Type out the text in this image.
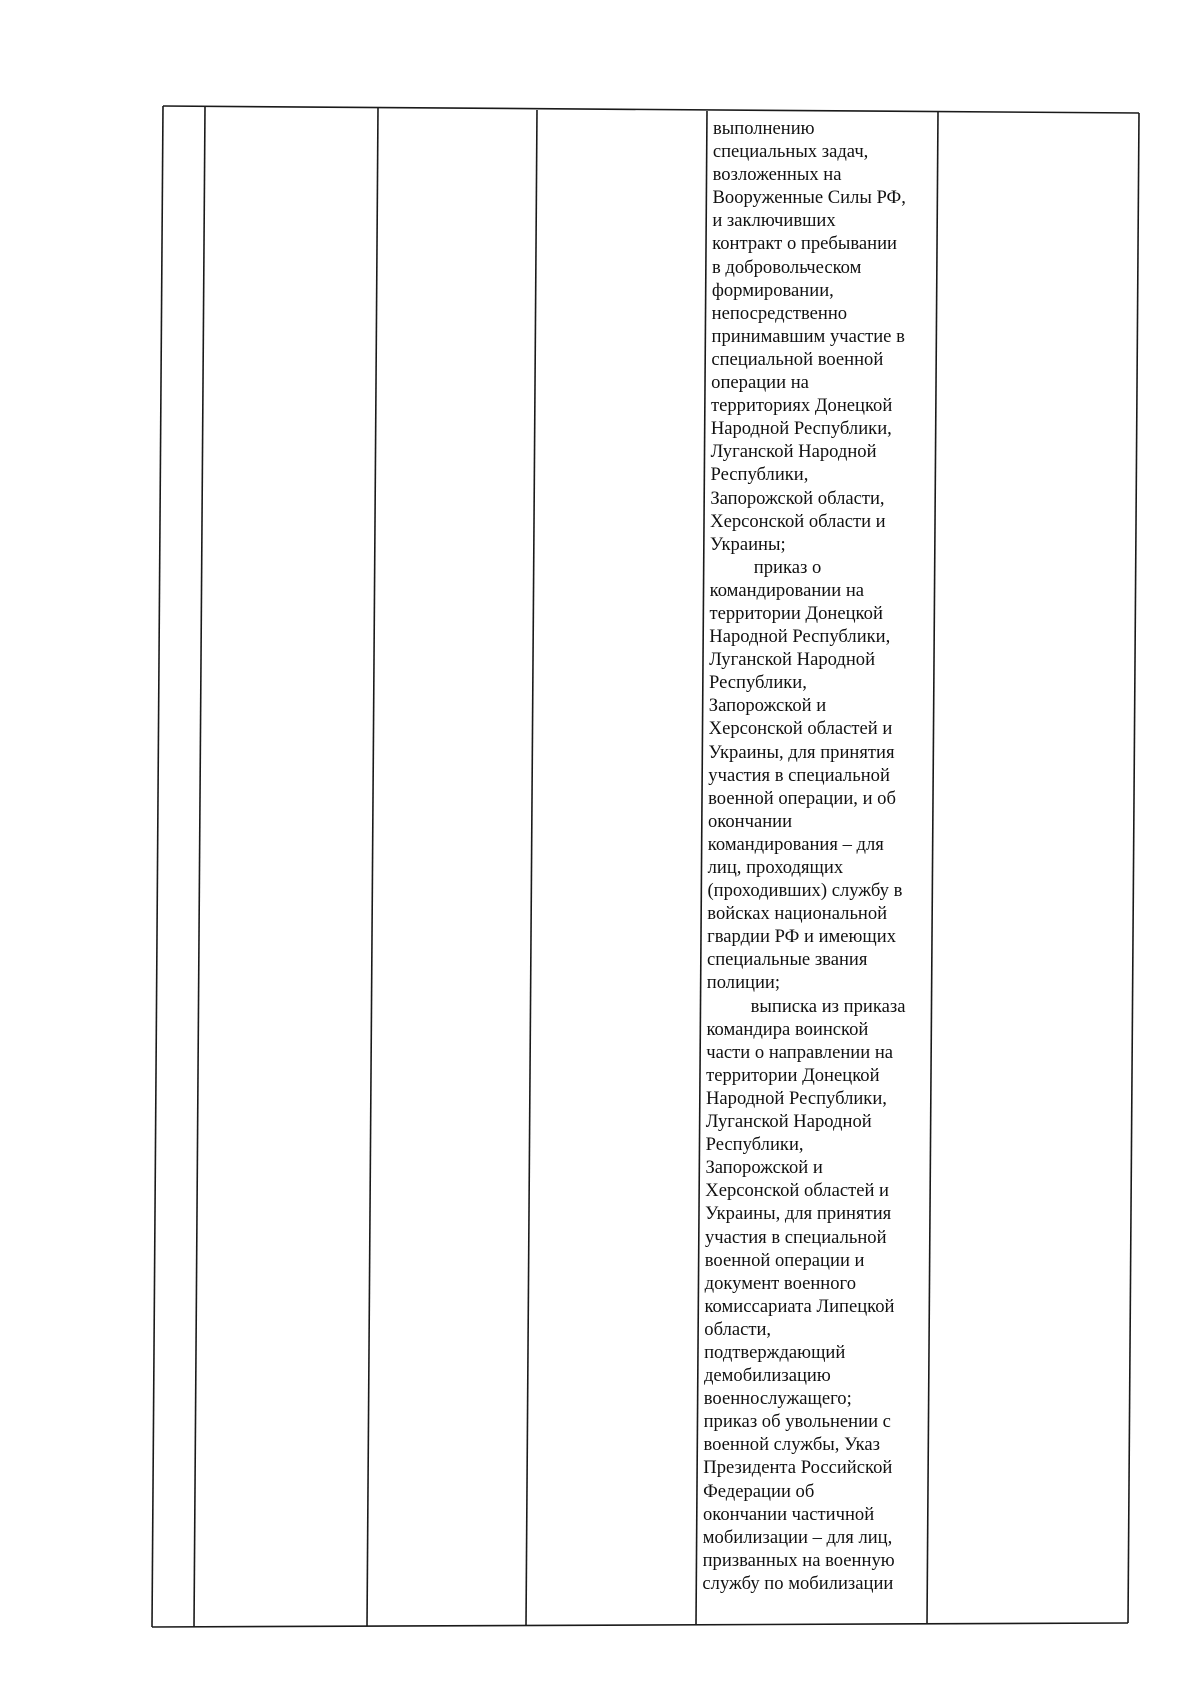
выполнению
специальных задач,
возложенных на
Вооруженные Силы РФ,
и заключивших
контракт о пребывании
в добровольческом
формировании,
непосредственно
принимавшим участие в
специальной военной
операции на
территориях Донецкой
Народной Республики,
Луганской Народной
Республики,
Запорожской области,
Херсонской области и
Украины;
приказ о
командировании на
территории Донецкой
Народной Республики,
Луганской Народной
Республики,
Запорожской и
Херсонской областей и
Украины, для принятия
участия в специальной
военной операции, и об
окончании
командирования – для
лиц, проходящих
(проходивших) службу в
войсках национальной
гвардии РФ и имеющих
специальные звания
полиции;
выписка из приказа
командира воинской
части о направлении на
территории Донецкой
Народной Республики,
Луганской Народной
Республики,
Запорожской и
Херсонской областей и
Украины, для принятия
участия в специальной
военной операции и
документ военного
комиссариата Липецкой
области,
подтверждающий
демобилизацию
военнослужащего;
приказ об увольнении с
военной службы, Указ
Президента Российской
Федерации об
окончании частичной
мобилизации – для лиц,
призванных на военную
службу по мобилизации
